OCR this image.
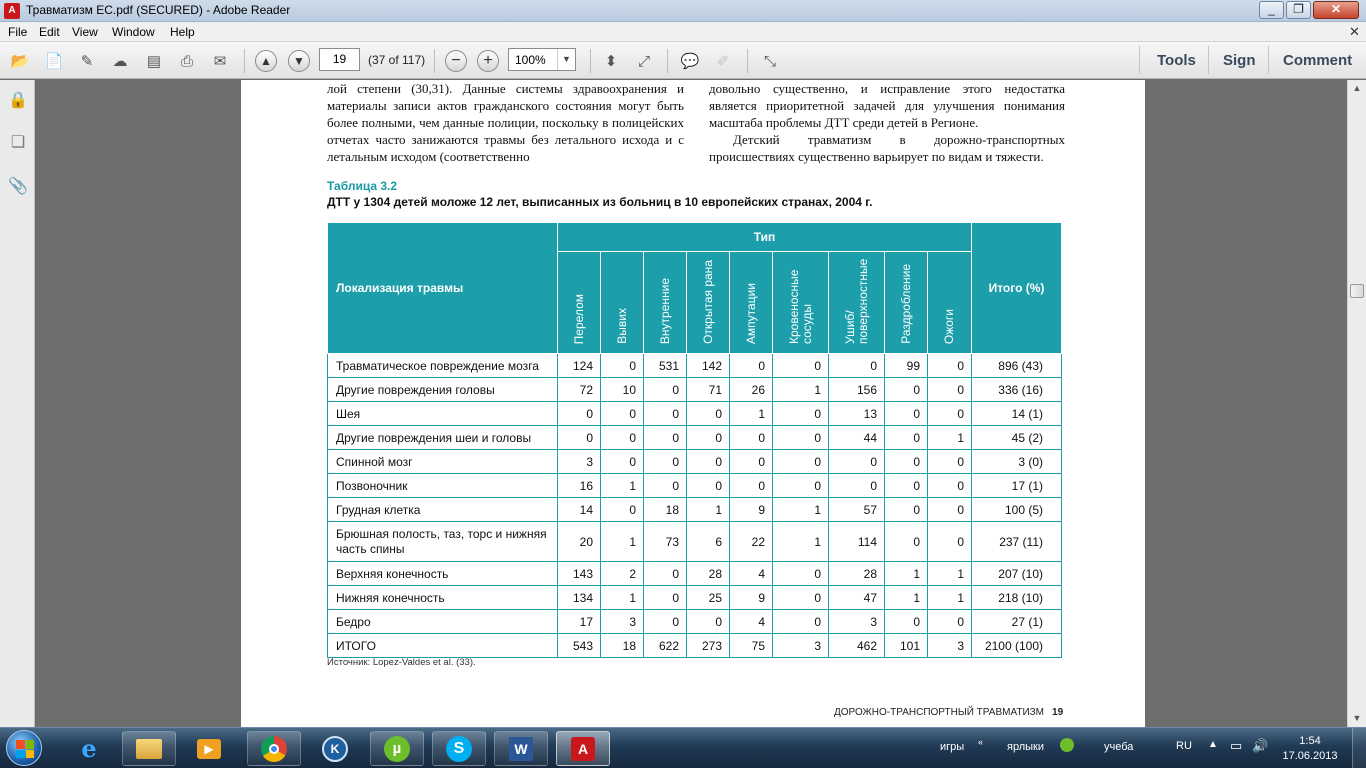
A Травматизм ЕС.pdf (SECURED) - Adobe Reader	_	❐	✕
File Edit View Window Help	✕
📂 📄	✎	☁ ▤	⎙	✉	▲	▼	−	+	⬍	⤢	💬	✐	⤡
19	(37 of 117)	100%	▼	Tools Sign Comment
🔒
❏
📎
лой степени (30,31). Данные системы здравоохранения и материалы записи актов гражданского состояния могут быть более полными, чем данные полиции, поскольку в полицейских отчетах часто занижаются травмы без летального исхода и с летальным исходом (соответственно
довольно существенно, и исправление этого недостатка является приоритетной задачей для улучшения понимания масштаба проблемы ДТТ среди детей в Регионе.
Детский травматизм в дорожно-транспортных происшествиях существенно варьирует по видам и тяжести.
Таблица 3.2
ДТТ у 1304 детей моложе 12 лет, выписанных из больниц в 10 европейских странах, 2004 г.
Локализация травмы	Тип									Итого (%)
	Перелом	Вывих	Внутренние	Открытая рана	Ампутации	Кровеносные сосуды	Ушиб/ поверхностные	Раздробление	Ожоги	
Травматическое повреждение мозга	124	0	531	142	0	0	0	99	0	896 (43)
Другие повреждения головы	72	10	0	71	26	1	156	0	0	336 (16)
Шея	0	0	0	0	1	0	13	0	0	14 (1)
Другие повреждения шеи и головы	0	0	0	0	0	0	44	0	1	45 (2)
Спинной мозг	3	0	0	0	0	0	0	0	0	3 (0)
Позвоночник	16	1	0	0	0	0	0	0	0	17 (1)
Грудная клетка	14	0	18	1	9	1	57	0	0	100 (5)
Брюшная полость, таз, торс и нижняя часть спины	20	1	73	6	22	1	114	0	0	237 (11)
Верхняя конечность	143	2	0	28	4	0	28	1	1	207 (10)
Нижняя конечность	134	1	0	25	9	0	47	1	1	218 (10)
Бедро	17	3	0	0	4	0	3	0	0	27 (1)
ИТОГО	543	18	622	273	75	3	462	101	3	2100 (100)
Источник: Lopez-Valdes et al. (33).
ДОРОЖНО-ТРАНСПОРТНЫЙ ТРАВМАТИЗМ 19
▲
▼
e	▶	K	µ	S	W	A	игры « ярлыки	учеба	RU ▲ ▭ 🔊	1:54
17.06.2013
